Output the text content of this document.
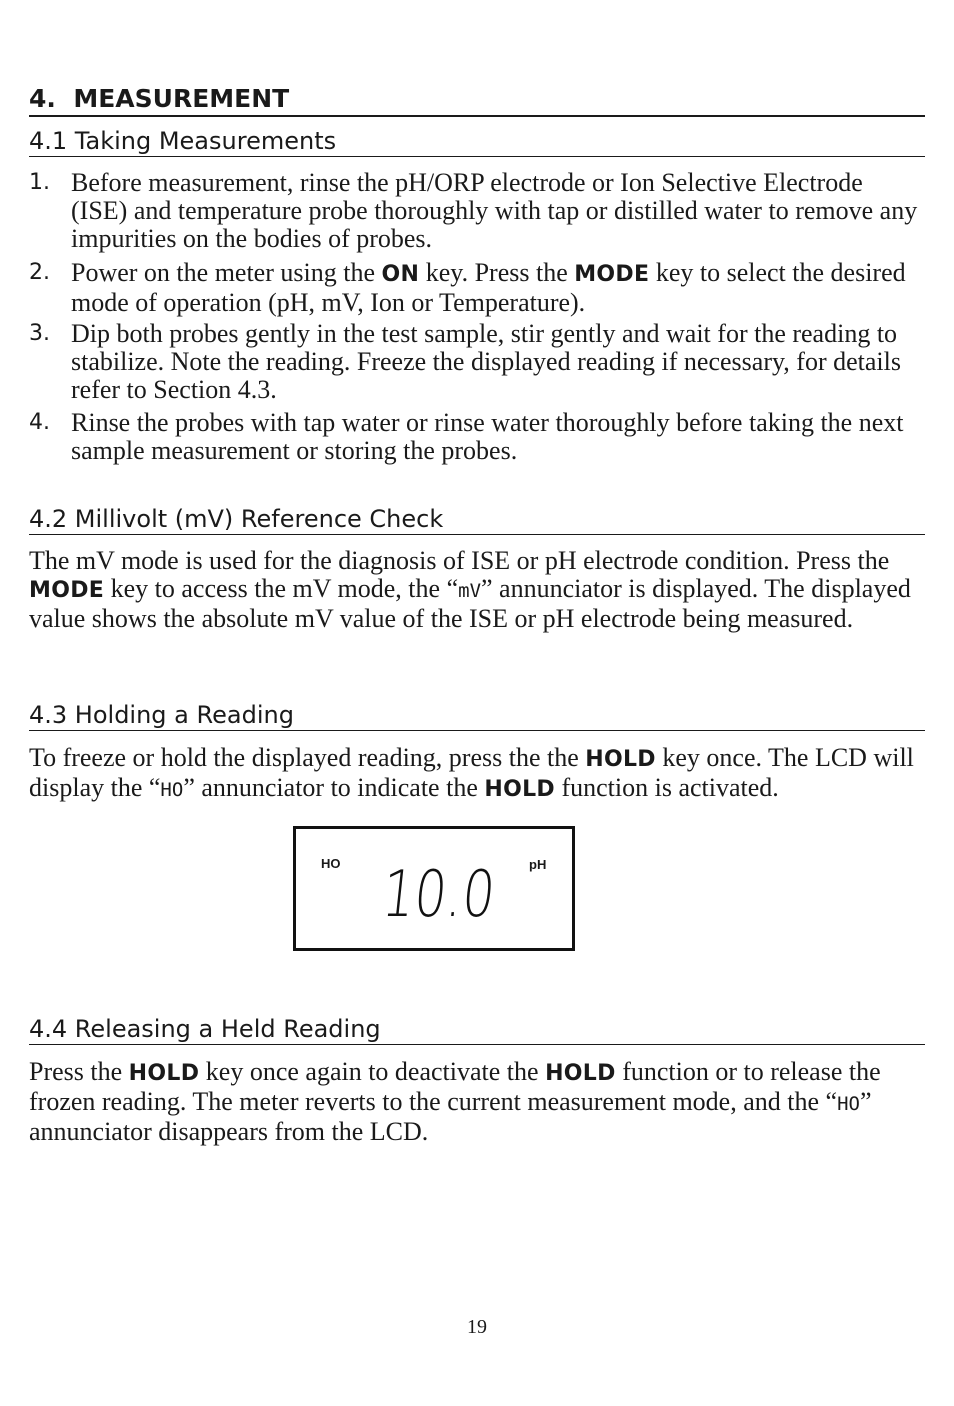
4. MEASUREMENT
4.1 Taking Measurements
1. Before measurement, rinse the pH/ORP electrode or Ion Selective Electrode (ISE) and temperature probe thoroughly with tap or distilled water to remove any impurities on the bodies of probes.
2. Power on the meter using the ON key. Press the MODE key to select the desired mode of operation (pH, mV, Ion or Temperature).
3. Dip both probes gently in the test sample, stir gently and wait for the reading to stabilize. Note the reading. Freeze the displayed reading if necessary, for details refer to Section 4.3.
4. Rinse the probes with tap water or rinse water thoroughly before taking the next sample measurement or storing the probes.
4.2 Millivolt (mV) Reference Check
The mV mode is used for the diagnosis of ISE or pH electrode condition. Press the MODE key to access the mV mode, the “mV” annunciator is displayed. The displayed value shows the absolute mV value of the ISE or pH electrode being measured.
4.3 Holding a Reading
To freeze or hold the displayed reading, press the the HOLD key once. The LCD will display the “HO” annunciator to indicate the HOLD function is activated.
HO	pH
10.0
4.4 Releasing a Held Reading
Press the HOLD key once again to deactivate the HOLD function or to release the frozen reading. The meter reverts to the current measurement mode, and the “HO” annunciator disappears from the LCD.
19
